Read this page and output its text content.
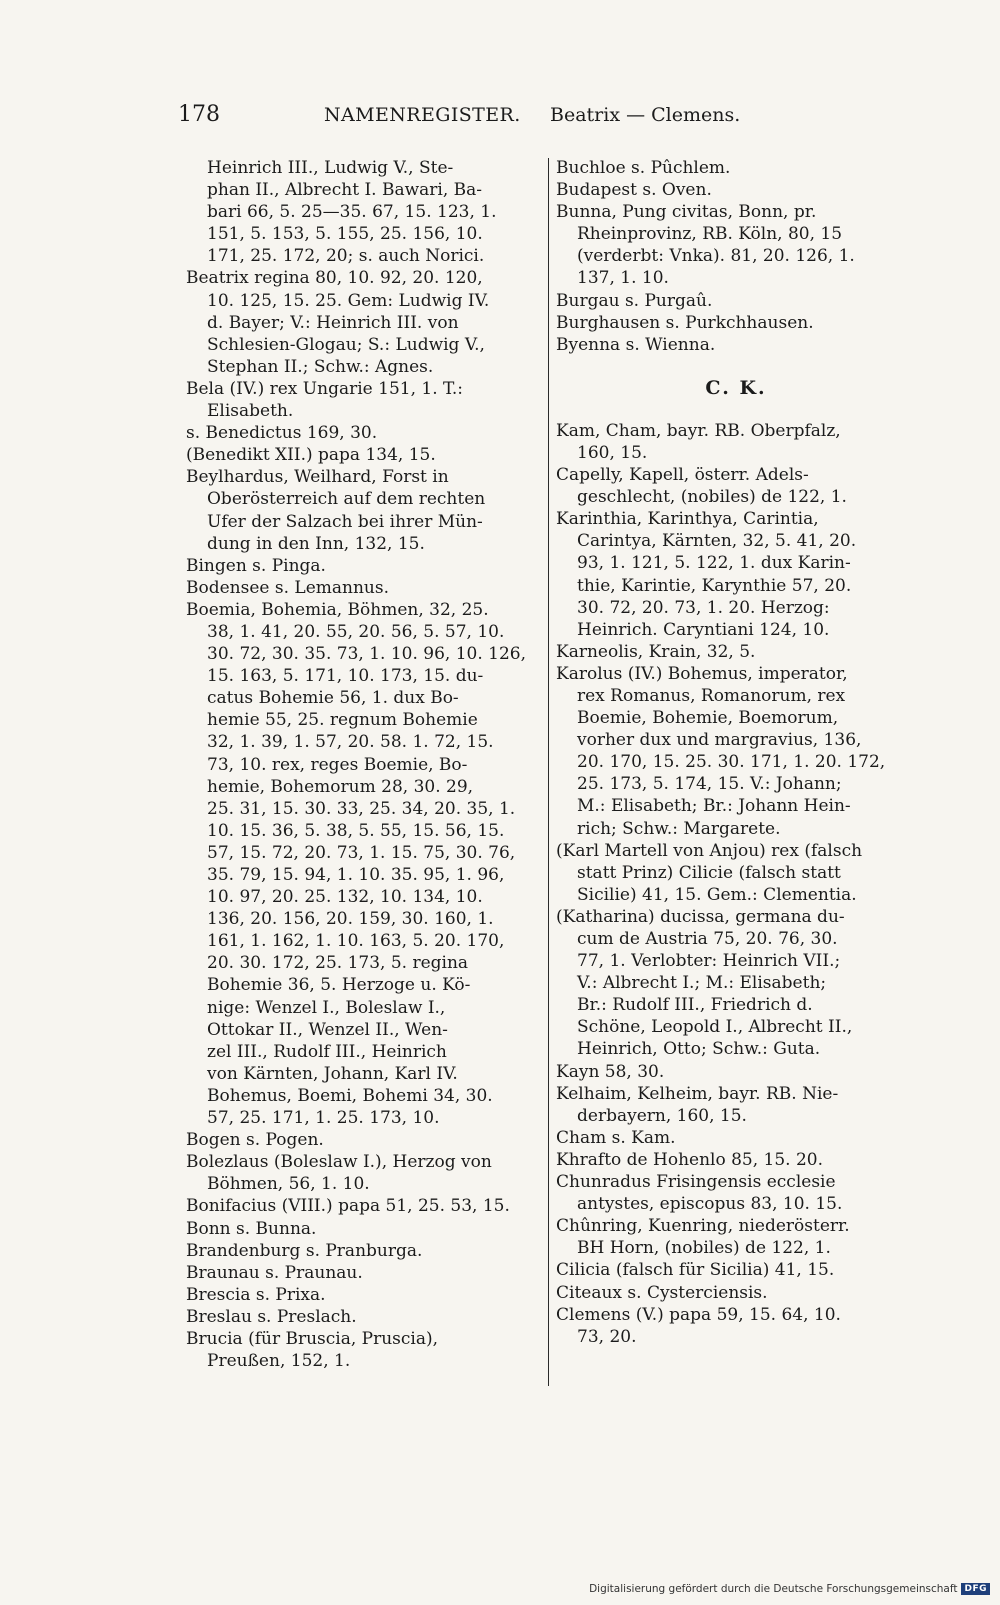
178	NAMENREGISTER. Beatrix — Clemens.
Heinrich III., Ludwig V., Ste-
phan II., Albrecht I. Bawari, Ba-
bari 66, 5. 25—35. 67, 15. 123, 1.
151, 5. 153, 5. 155, 25. 156, 10.
171, 25. 172, 20; s. auch Norici.
Beatrix regina 80, 10. 92, 20. 120,
10. 125, 15. 25. Gem: Ludwig IV.
d. Bayer; V.: Heinrich III. von
Schlesien-Glogau; S.: Ludwig V.,
Stephan II.; Schw.: Agnes.
Bela (IV.) rex Ungarie 151, 1. T.:
Elisabeth.
s. Benedictus 169, 30.
(Benedikt XII.) papa 134, 15.
Beylhardus, Weilhard, Forst in
Oberösterreich auf dem rechten
Ufer der Salzach bei ihrer Mün-
dung in den Inn, 132, 15.
Bingen s. Pinga.
Bodensee s. Lemannus.
Boemia, Bohemia, Böhmen, 32, 25.
38, 1. 41, 20. 55, 20. 56, 5. 57, 10.
30. 72, 30. 35. 73, 1. 10. 96, 10. 126,
15. 163, 5. 171, 10. 173, 15. du-
catus Bohemie 56, 1. dux Bo-
hemie 55, 25. regnum Bohemie
32, 1. 39, 1. 57, 20. 58. 1. 72, 15.
73, 10. rex, reges Boemie, Bo-
hemie, Bohemorum 28, 30. 29,
25. 31, 15. 30. 33, 25. 34, 20. 35, 1.
10. 15. 36, 5. 38, 5. 55, 15. 56, 15.
57, 15. 72, 20. 73, 1. 15. 75, 30. 76,
35. 79, 15. 94, 1. 10. 35. 95, 1. 96,
10. 97, 20. 25. 132, 10. 134, 10.
136, 20. 156, 20. 159, 30. 160, 1.
161, 1. 162, 1. 10. 163, 5. 20. 170,
20. 30. 172, 25. 173, 5. regina
Bohemie 36, 5. Herzoge u. Kö-
nige: Wenzel I., Boleslaw I.,
Ottokar II., Wenzel II., Wen-
zel III., Rudolf III., Heinrich
von Kärnten, Johann, Karl IV.
Bohemus, Boemi, Bohemi 34, 30.
57, 25. 171, 1. 25. 173, 10.
Bogen s. Pogen.
Bolezlaus (Boleslaw I.), Herzog von
Böhmen, 56, 1. 10.
Bonifacius (VIII.) papa 51, 25. 53, 15.
Bonn s. Bunna.
Brandenburg s. Pranburga.
Braunau s. Praunau.
Brescia s. Prixa.
Breslau s. Preslach.
Brucia (für Bruscia, Pruscia),
Preußen, 152, 1.
Buchloe s. Pûchlem.
Budapest s. Oven.
Bunna, Pung civitas, Bonn, pr.
Rheinprovinz, RB. Köln, 80, 15
(verderbt: Vnka). 81, 20. 126, 1.
137, 1. 10.
Burgau s. Purgaû.
Burghausen s. Purkchhausen.
Byenna s. Wienna.
C. K.
Kam, Cham, bayr. RB. Oberpfalz,
160, 15.
Capelly, Kapell, österr. Adels-
geschlecht, (nobiles) de 122, 1.
Karinthia, Karinthya, Carintia,
Carintya, Kärnten, 32, 5. 41, 20.
93, 1. 121, 5. 122, 1. dux Karin-
thie, Karintie, Karynthie 57, 20.
30. 72, 20. 73, 1. 20. Herzog:
Heinrich. Caryntiani 124, 10.
Karneolis, Krain, 32, 5.
Karolus (IV.) Bohemus, imperator,
rex Romanus, Romanorum, rex
Boemie, Bohemie, Boemorum,
vorher dux und margravius, 136,
20. 170, 15. 25. 30. 171, 1. 20. 172,
25. 173, 5. 174, 15. V.: Johann;
M.: Elisabeth; Br.: Johann Hein-
rich; Schw.: Margarete.
(Karl Martell von Anjou) rex (falsch
statt Prinz) Cilicie (falsch statt
Sicilie) 41, 15. Gem.: Clementia.
(Katharina) ducissa, germana du-
cum de Austria 75, 20. 76, 30.
77, 1. Verlobter: Heinrich VII.;
V.: Albrecht I.; M.: Elisabeth;
Br.: Rudolf III., Friedrich d.
Schöne, Leopold I., Albrecht II.,
Heinrich, Otto; Schw.: Guta.
Kayn 58, 30.
Kelhaim, Kelheim, bayr. RB. Nie-
derbayern, 160, 15.
Cham s. Kam.
Khrafto de Hohenlo 85, 15. 20.
Chunradus Frisingensis ecclesie
antystes, episcopus 83, 10. 15.
Chûnring, Kuenring, niederösterr.
BH Horn, (nobiles) de 122, 1.
Cilicia (falsch für Sicilia) 41, 15.
Citeaux s. Cysterciensis.
Clemens (V.) papa 59, 15. 64, 10.
73, 20.
Digitalisierung gefördert durch die Deutsche Forschungsgemeinschaft DFG
